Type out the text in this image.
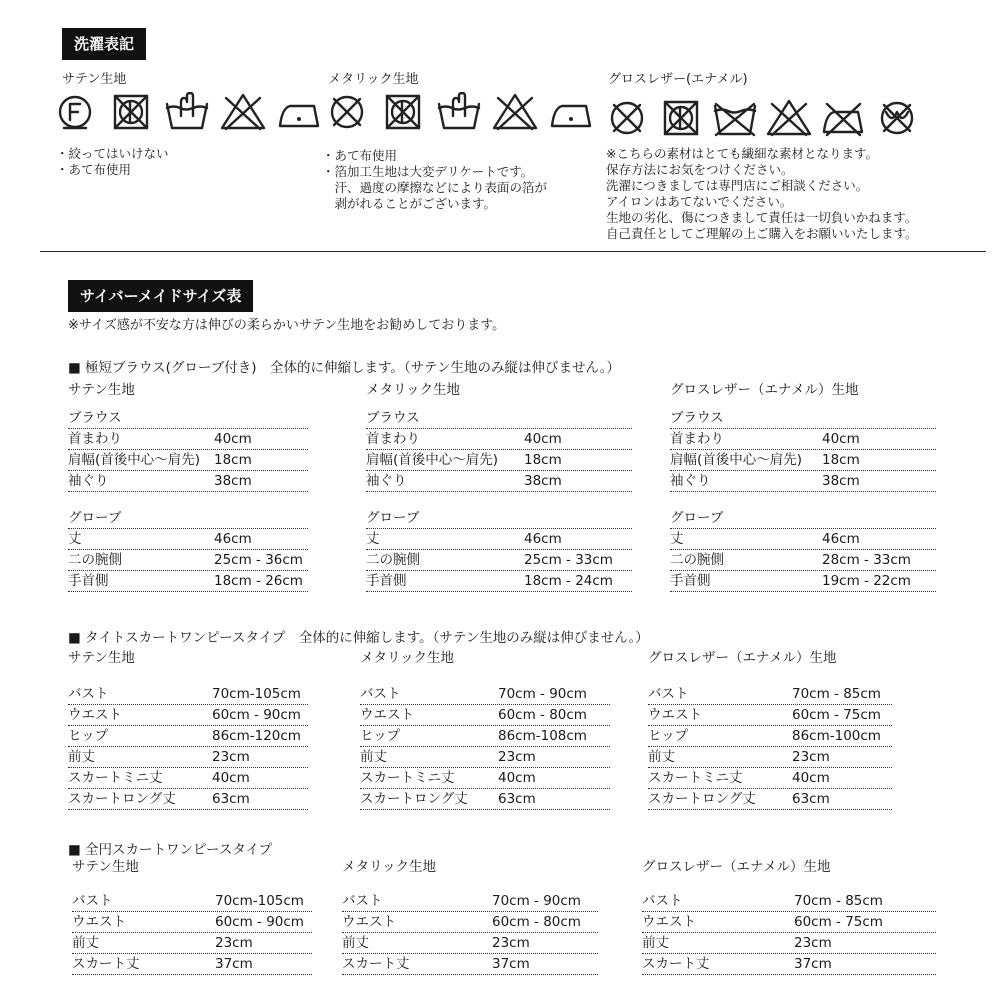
洗濯表記
サテン生地
・絞ってはいけない
・あて布使用
メタリック生地
・あて布使用
・箔加工生地は大変デリケートです。
　汗、過度の摩擦などにより表面の箔が
　剥がれることがございます。
グロスレザー(エナメル)
※こちらの素材はとても繊細な素材となります。
保存方法にお気をつけください。
洗濯につきましては専門店にご相談ください。
アイロンはあてないでください。
生地の劣化、傷につきまして責任は一切負いかねます。
自己責任としてご理解の上ご購入をお願いいたします。
サイバーメイドサイズ表
※サイズ感が不安な方は伸びの柔らかいサテン生地をお勧めしております。
■ 極短ブラウス(グローブ付き)　全体的に伸縮します。（サテン生地のみ縦は伸びません。）
サテン生地
ブラウス
首まわり	40cm
肩幅(首後中心～肩先) 18cm
袖ぐり	38cm
グローブ
丈	46cm
二の腕側	25cm - 36cm
手首側	18cm - 26cm
メタリック生地
ブラウス
首まわり	40cm
肩幅(首後中心～肩先) 18cm
袖ぐり	38cm
グローブ
丈	46cm
二の腕側	25cm - 33cm
手首側	18cm - 24cm
グロスレザー（エナメル）生地
ブラウス
首まわり	40cm
肩幅(首後中心～肩先) 18cm
袖ぐり	38cm
グローブ
丈	46cm
二の腕側	28cm - 33cm
手首側	19cm - 22cm
■ タイトスカートワンピースタイプ　全体的に伸縮します。（サテン生地のみ縦は伸びません。）
サテン生地
バスト	70cm-105cm
ウエスト	60cm - 90cm
ヒップ	86cm-120cm
前丈	23cm
スカートミニ丈	40cm
スカートロング丈	63cm
メタリック生地
バスト	70cm - 90cm
ウエスト	60cm - 80cm
ヒップ	86cm-108cm
前丈	23cm
スカートミニ丈	40cm
スカートロング丈 63cm
グロスレザー（エナメル）生地
バスト	70cm - 85cm
ウエスト	60cm - 75cm
ヒップ	86cm-100cm
前丈	23cm
スカートミニ丈	40cm
スカートロング丈	63cm
■ 全円スカートワンピースタイプ
サテン生地
バスト	70cm-105cm
ウエスト	60cm - 90cm
前丈	23cm
スカート丈	37cm
メタリック生地
バスト	70cm - 90cm
ウエスト	60cm - 80cm
前丈	23cm
スカート丈	37cm
グロスレザー（エナメル）生地
バスト	70cm - 85cm
ウエスト	60cm - 75cm
前丈	23cm
スカート丈	37cm
